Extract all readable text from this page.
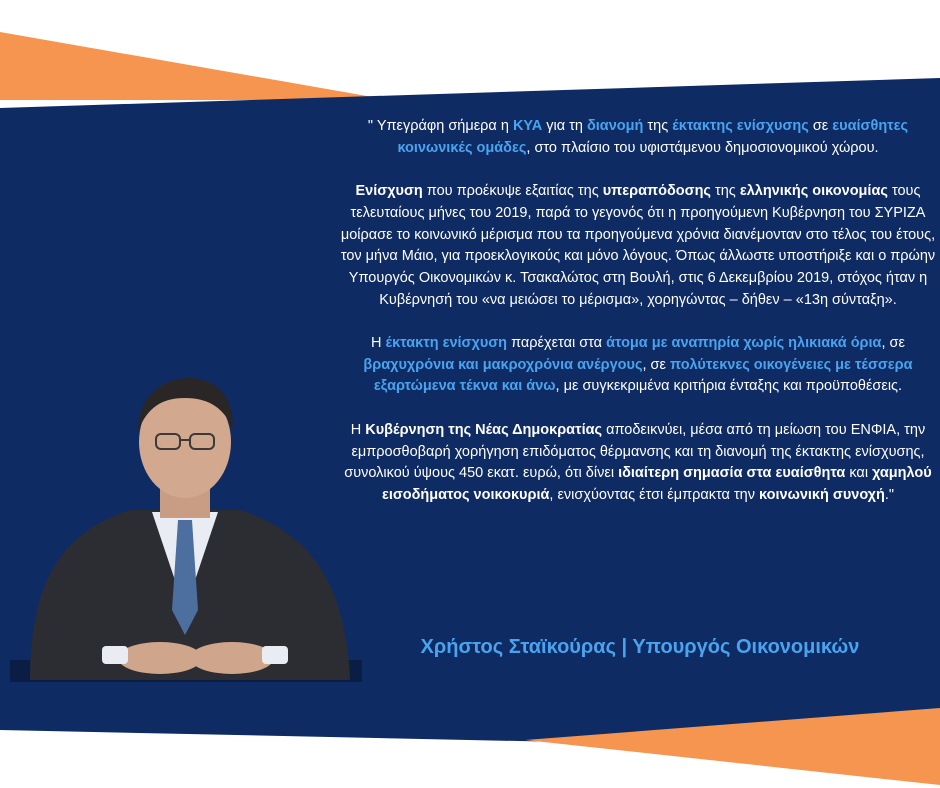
" Υπεγράφη σήμερα η ΚΥΑ για τη διανομή της έκτακτης ενίσχυσης σε ευαίσθητες κοινωνικές ομάδες, στο πλαίσιο του υφιστάμενου δημοσιονομικού χώρου.

Ενίσχυση που προέκυψε εξαιτίας της υπεραπόδοσης της ελληνικής οικονομίας τους τελευταίους μήνες του 2019, παρά το γεγονός ότι η προηγούμενη Κυβέρνηση του ΣΥΡΙΖΑ μοίρασε το κοινωνικό μέρισμα που τα προηγούμενα χρόνια διανέμονταν στο τέλος του έτους, τον μήνα Μάιο, για προεκλογικούς και μόνο λόγους. Όπως άλλωστε υποστήριξε και ο πρώην Υπουργός Οικονομικών κ. Τσακαλώτος στη Βουλή, στις 6 Δεκεμβρίου 2019, στόχος ήταν η Κυβέρνησή του «να μειώσει το μέρισμα», χορηγώντας – δήθεν – «13η σύνταξη».

Η έκτακτη ενίσχυση παρέχεται στα άτομα με αναπηρία χωρίς ηλικιακά όρια, σε βραχυχρόνια και μακροχρόνια ανέργους, σε πολύτεκνες οικογένειες με τέσσερα εξαρτώμενα τέκνα και άνω, με συγκεκριμένα κριτήρια ένταξης και προϋποθέσεις.

Η Κυβέρνηση της Νέας Δημοκρατίας αποδεικνύει, μέσα από τη μείωση του ΕΝΦΙΑ, την εμπροσθοβαρή χορήγηση επιδόματος θέρμανσης και τη διανομή της έκτακτης ενίσχυσης, συνολικού ύψους 450 εκατ. ευρώ, ότι δίνει ιδιαίτερη σημασία στα ευαίσθητα και χαμηλού εισοδήματος νοικοκυριά, ενισχύοντας έτσι έμπρακτα την κοινωνική συνοχή."

Χρήστος Σταϊκούρας | Υπουργός Οικονομικών
